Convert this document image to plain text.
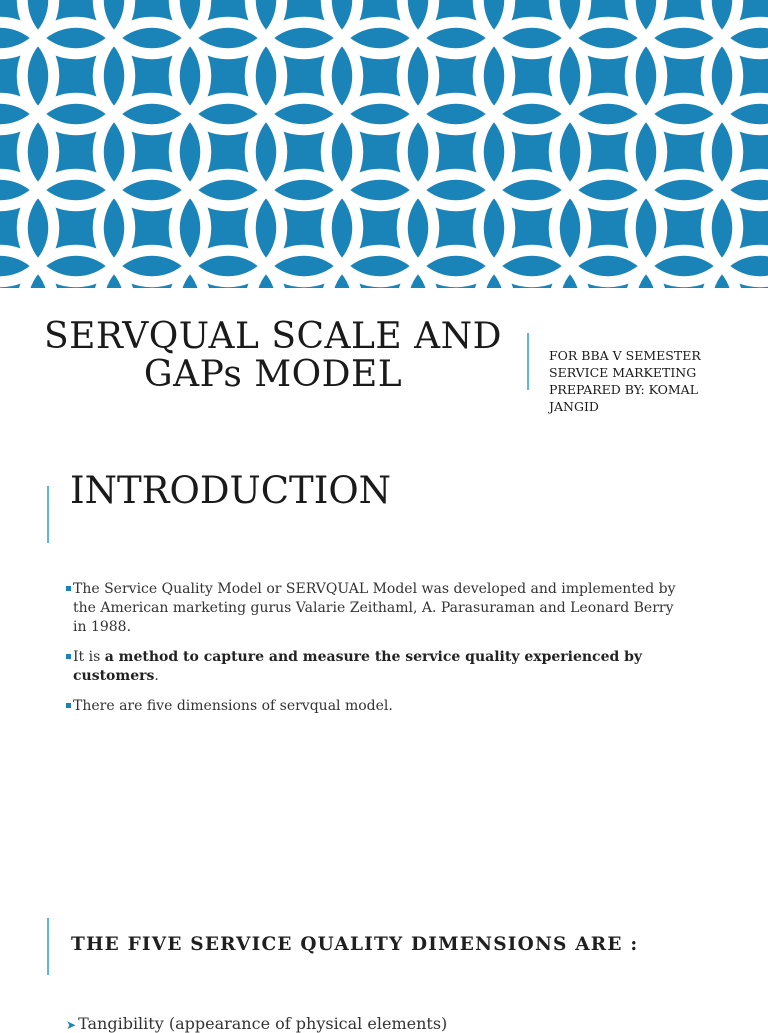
SERVQUAL SCALE AND
GAPs MODEL	FOR BBA V SEMESTER
SERVICE MARKETING
PREPARED BY: KOMAL
JANGID
INTRODUCTION
The Service Quality Model or SERVQUAL Model was developed and implemented by the American marketing gurus Valarie Zeithaml, A. Parasuraman and Leonard Berry in 1988.
It is a method to capture and measure the service quality experienced by customers.
There are five dimensions of servqual model.
THE FIVE SERVICE QUALITY DIMENSIONS ARE :
➤ Tangibility (appearance of physical elements)
